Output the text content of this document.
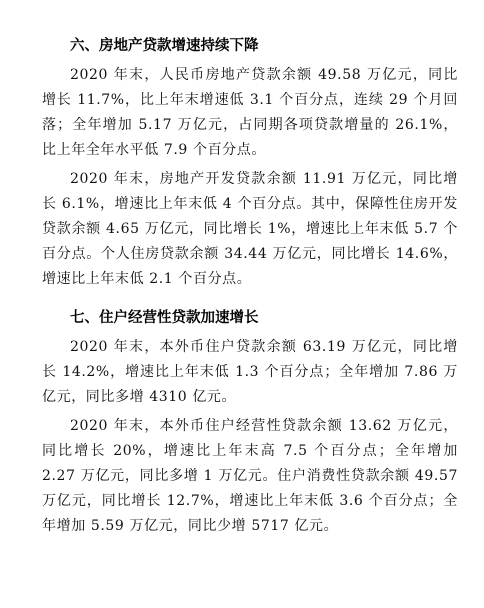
六、房地产贷款增速持续下降

2020 年末，人民币房地产贷款余额 49.58 万亿元，同比增长 11.7%，比上年末增速低 3.1 个百分点，连续 29 个月回落；全年增加 5.17 万亿元，占同期各项贷款增量的 26.1%，比上年全年水平低 7.9 个百分点。

2020 年末，房地产开发贷款余额 11.91 万亿元，同比增长 6.1%，增速比上年末低 4 个百分点。其中，保障性住房开发贷款余额 4.65 万亿元，同比增长 1%，增速比上年末低 5.7 个百分点。个人住房贷款余额 34.44 万亿元，同比增长 14.6%，增速比上年末低 2.1 个百分点。

七、住户经营性贷款加速增长

2020 年末，本外币住户贷款余额 63.19 万亿元，同比增长 14.2%，增速比上年末低 1.3 个百分点；全年增加 7.86 万亿元，同比多增 4310 亿元。

2020 年末，本外币住户经营性贷款余额 13.62 万亿元，同比增长 20%，增速比上年末高 7.5 个百分点；全年增加 2.27 万亿元，同比多增 1 万亿元。住户消费性贷款余额 49.57 万亿元，同比增长 12.7%，增速比上年末低 3.6 个百分点；全年增加 5.59 万亿元，同比少增 5717 亿元。
